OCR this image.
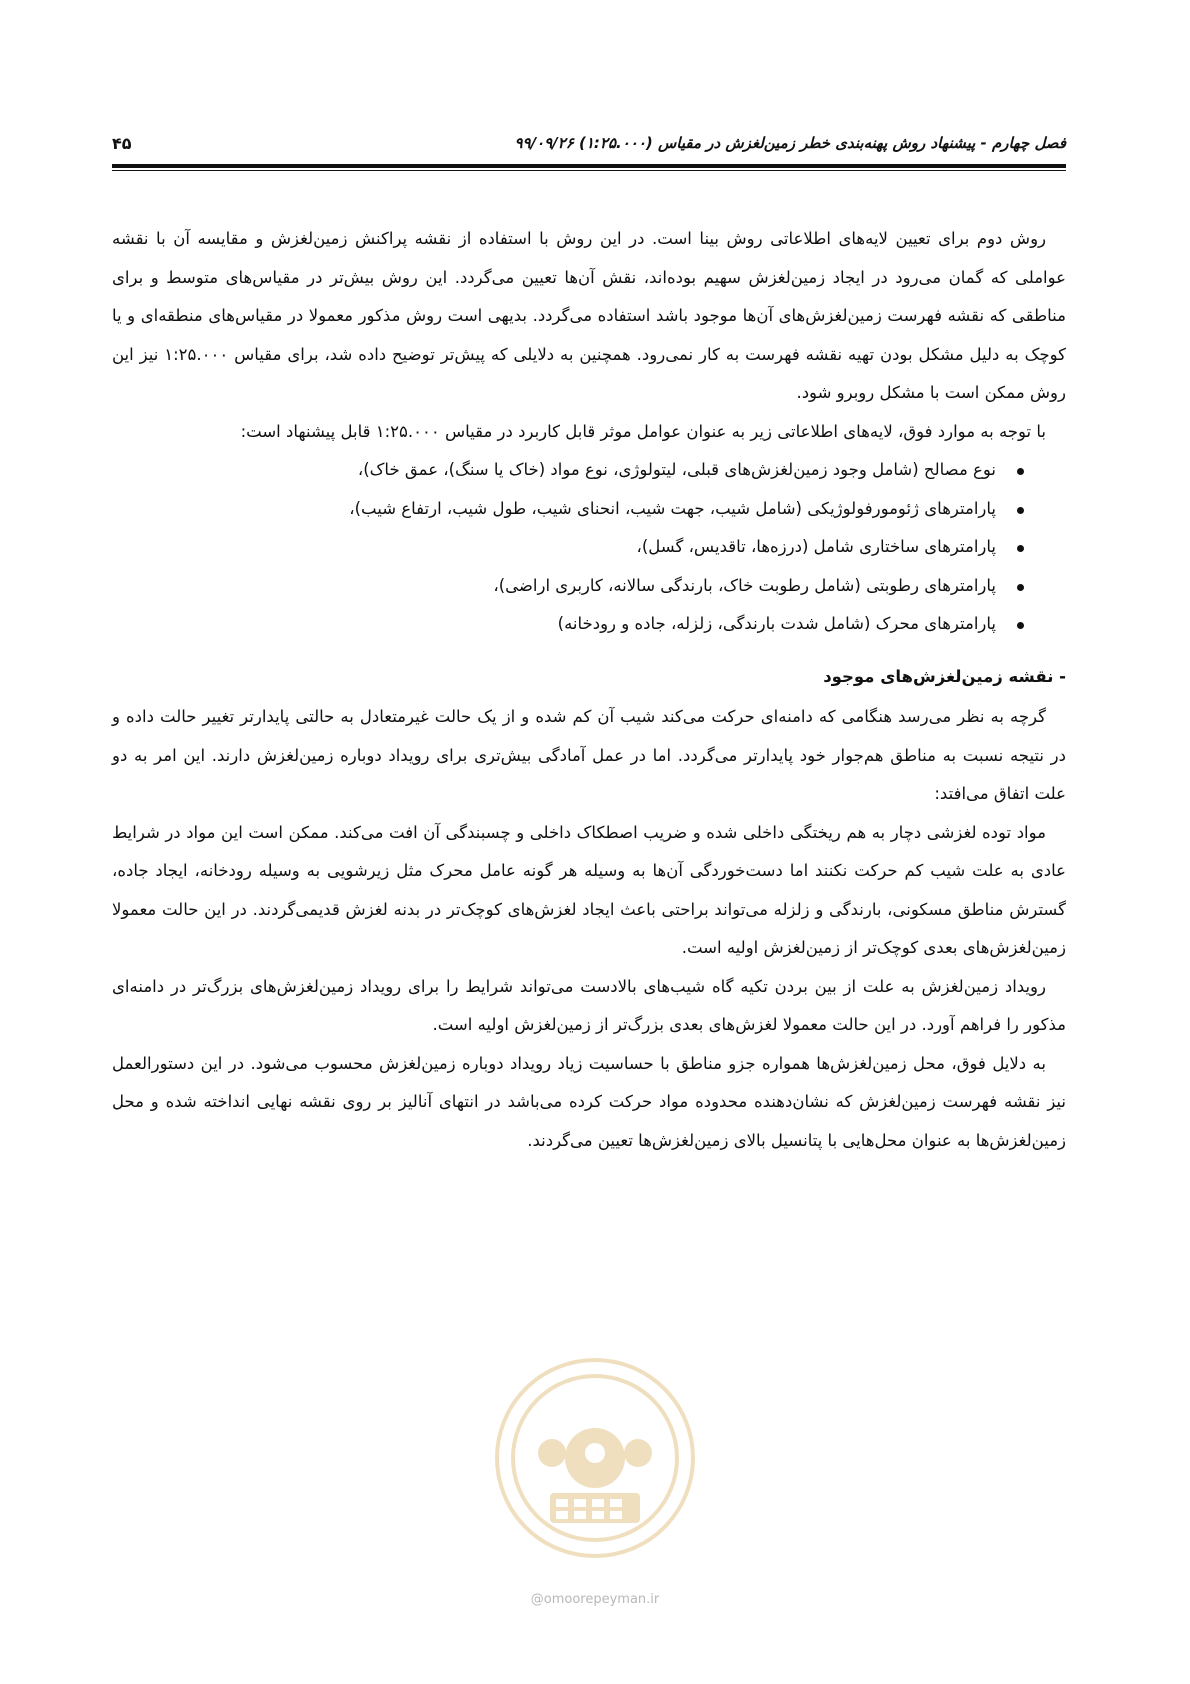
فصل چهارم - پیشنهاد روش پهنه‌بندی خطر زمین‌لغزش در مقیاس (۱:۲۵.۰۰۰) ۹۹/۰۹/۲۶
۴۵

روش دوم برای تعیین لایه‌های اطلاعاتی روش بینا است. در این روش با استفاده از نقشه پراکنش زمین‌لغزش و مقایسه آن با نقشه عواملی که گمان می‌رود در ایجاد زمین‌لغزش سهیم بوده‌اند، نقش آن‌ها تعیین می‌گردد. این روش بیش‌تر در مقیاس‌های متوسط و برای مناطقی که نقشه فهرست زمین‌لغزش‌های آن‌ها موجود باشد استفاده می‌گردد. بدیهی است روش مذکور معمولا در مقیاس‌های منطقه‌ای و یا کوچک به دلیل مشکل بودن تهیه نقشه فهرست به کار نمی‌رود. همچنین به دلایلی که پیش‌تر توضیح داده شد، برای مقیاس ۱:۲۵.۰۰۰ نیز این روش ممکن است با مشکل روبرو شود.

با توجه به موارد فوق، لایه‌های اطلاعاتی زیر به عنوان عوامل موثر قابل کاربرد در مقیاس ۱:۲۵.۰۰۰ قابل پیشنهاد است:

نوع مصالح (شامل وجود زمین‌لغزش‌های قبلی، لیتولوژی، نوع مواد (خاک یا سنگ)، عمق خاک)،
پارامترهای ژئومورفولوژیکی (شامل شیب، جهت شیب، انحنای شیب، طول شیب، ارتفاع شیب)،
پارامترهای ساختاری شامل (درزه‌ها، تاقدیس، گسل)،
پارامترهای رطوبتی (شامل رطوبت خاک، بارندگی سالانه، کاربری اراضی)،
پارامترهای محرک (شامل شدت بارندگی، زلزله، جاده و رودخانه)
- نقشه زمین‌لغزش‌های موجود

گرچه به نظر می‌رسد هنگامی که دامنه‌ای حرکت می‌کند شیب آن کم شده و از یک حالت غیرمتعادل به حالتی پایدارتر تغییر حالت داده و در نتیجه نسبت به مناطق هم‌جوار خود پایدارتر می‌گردد. اما در عمل آمادگی بیش‌تری برای رویداد دوباره زمین‌لغزش دارند. این امر به دو علت اتفاق می‌افتد:

مواد توده لغزشی دچار به هم ریختگی داخلی شده و ضریب اصطکاک داخلی و چسبندگی آن افت می‌کند. ممکن است این مواد در شرایط عادی به علت شیب کم حرکت نکنند اما دست‌خوردگی آن‌ها به وسیله هر گونه عامل محرک مثل زیرشویی به وسیله رودخانه، ایجاد جاده، گسترش مناطق مسکونی، بارندگی و زلزله می‌تواند براحتی باعث ایجاد لغزش‌های کوچک‌تر در بدنه لغزش قدیمی‌گردند. در این حالت معمولا زمین‌لغزش‌های بعدی کوچک‌تر از زمین‌لغزش اولیه است.

رویداد زمین‌لغزش به علت از بین بردن تکیه گاه شیب‌های بالادست می‌تواند شرایط را برای رویداد زمین‌لغزش‌های بزرگ‌تر در دامنه‌ای مذکور را فراهم آورد. در این حالت معمولا لغزش‌های بعدی بزرگ‌تر از زمین‌لغزش اولیه است.

به دلایل فوق، محل زمین‌لغزش‌ها همواره جزو مناطق با حساسیت زیاد رویداد دوباره زمین‌لغزش محسوب می‌شود. در این دستورالعمل نیز نقشه فهرست زمین‌لغزش که نشان‌دهنده محدوده مواد حرکت کرده می‌باشد در انتهای آنالیز بر روی نقشه نهایی انداخته شده و محل زمین‌لغزش‌ها به عنوان محل‌هایی با پتانسیل بالای زمین‌لغزش‌ها تعیین می‌گردند.

@omoorepeyman.ir
